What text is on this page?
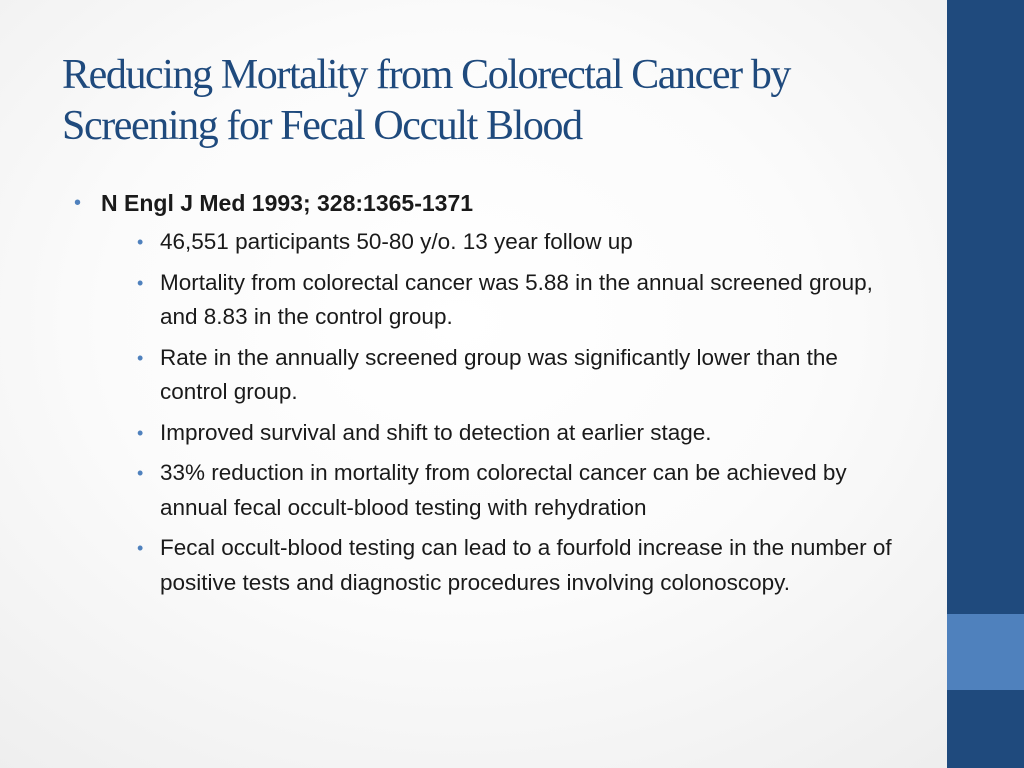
Reducing Mortality from Colorectal Cancer by Screening for Fecal Occult Blood
• N Engl J Med 1993; 328:1365-1371
• 46,551 participants 50-80 y/o. 13 year follow up
• Mortality from colorectal cancer was 5.88 in the annual screened group, and 8.83 in the control group.
• Rate in the annually screened group was significantly lower than the control group.
• Improved survival and shift to detection at earlier stage.
• 33% reduction in mortality from colorectal cancer can be achieved by annual fecal occult-blood testing with rehydration
• Fecal occult-blood testing can lead to a fourfold increase in the number of positive tests and diagnostic procedures involving colonoscopy.
